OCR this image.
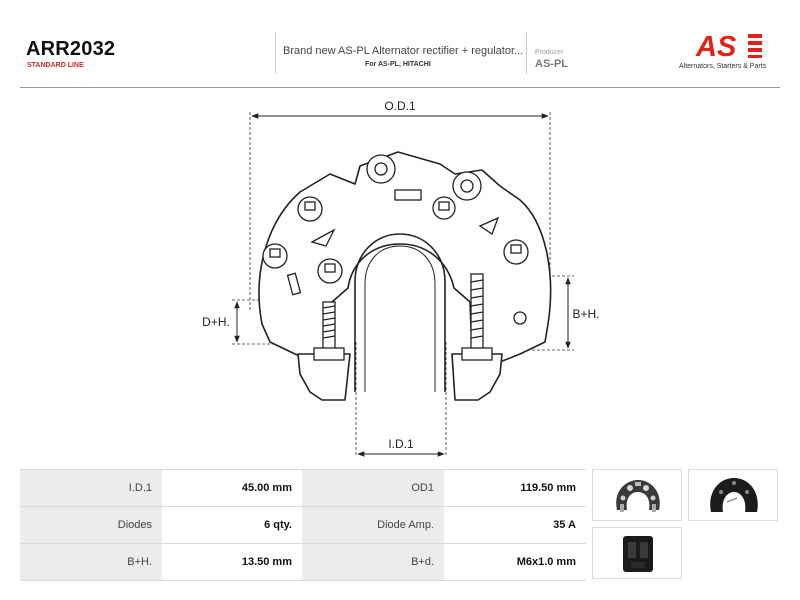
ARR2032
STANDARD LINE
Brand new AS-PL Alternator rectifier + regulator...
For AS-PL, HITACHI
Producer
AS-PL
AS
Alternators, Starters & Parts
O.D.1
I.D.1
D+H.
B+H.
I.D.1	45.00 mm	OD1	119.50 mm
Diodes	6 qty.	Diode Amp.	35 A
B+H.	13.50 mm	B+d.	M6x1.0 mm
